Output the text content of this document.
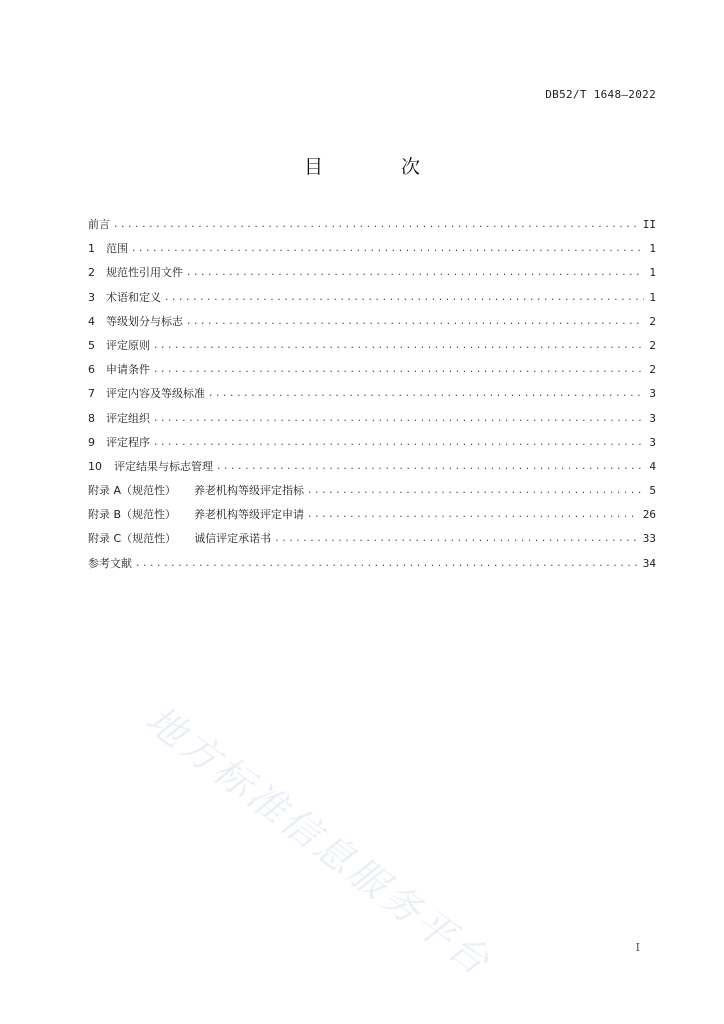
DB52/T 1648—2022
目 次
前言 .....	II
1	范围 .....	1
2	规范性引用文件 .....	1
3	术语和定义 .....	1
4	等级划分与标志 .....	2
5	评定原则 .....	2
6	申请条件 .....	2
7	评定内容及等级标准 .....	3
8	评定组织 .....	3
9	评定程序 .....	3
10	评定结果与标志管理 .....	4
附录 A（规范性） 养老机构等级评定指标 .....	5
附录 B（规范性） 养老机构等级评定申请 .....	26
附录 C（规范性） 诚信评定承诺书 .....	33
参考文献 .....	34
地方标准信息服务平台	I
